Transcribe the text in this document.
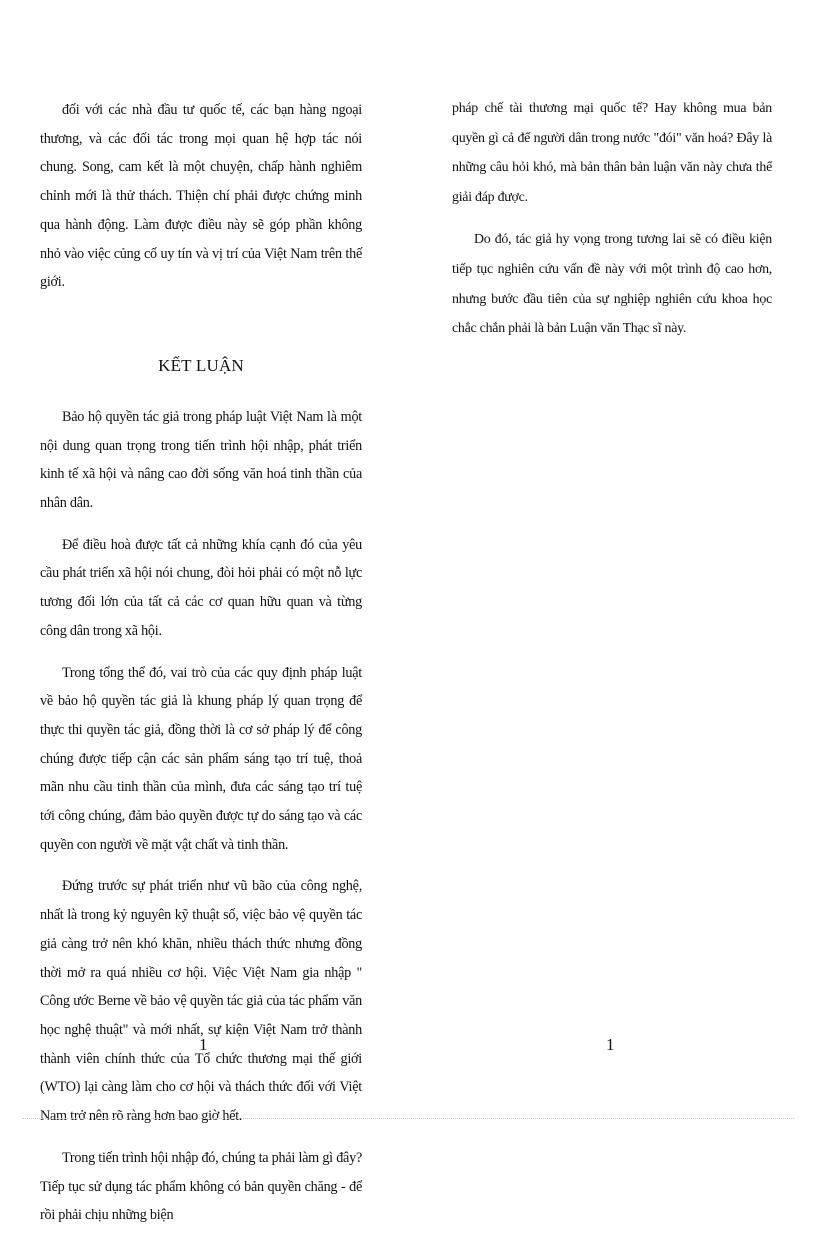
đối với các nhà đầu tư quốc tế, các bạn hàng ngoại thương, và các đối tác trong mọi quan hệ hợp tác nói chung. Song, cam kết là một chuyện, chấp hành nghiêm chỉnh mới là thử thách. Thiện chí phải được chứng minh qua hành động. Làm được điều này sẽ góp phần không nhỏ vào việc củng cố uy tín và vị trí của Việt Nam trên thế giới.

KẾT LUẬN

Bảo hộ quyền tác giả trong pháp luật Việt Nam là một nội dung quan trọng trong tiến trình hội nhập, phát triển kinh tế xã hội và nâng cao đời sống văn hoá tinh thần của nhân dân.

Để điều hoà được tất cả những khía cạnh đó của yêu cầu phát triển xã hội nói chung, đòi hỏi phải có một nỗ lực tương đối lớn của tất cả các cơ quan hữu quan và từng công dân trong xã hội.

Trong tổng thể đó, vai trò của các quy định pháp luật về bảo hộ quyền tác giả là khung pháp lý quan trọng để thực thi quyền tác giả, đồng thời là cơ sở pháp lý để công chúng được tiếp cận các sản phẩm sáng tạo trí tuệ, thoả mãn nhu cầu tinh thần của mình, đưa các sáng tạo trí tuệ tới công chúng, đảm bảo quyền được tự do sáng tạo và các quyền con người về mặt vật chất và tinh thần.

Đứng trước sự phát triển như vũ bão của công nghệ, nhất là trong kỷ nguyên kỹ thuật số, việc bảo vệ quyền tác giả càng trở nên khó khăn, nhiều thách thức nhưng đồng thời mở ra quá nhiều cơ hội. Việc Việt Nam gia nhập " Công ước Berne về bảo vệ quyền tác giả của tác phẩm văn học nghệ thuật" và mới nhất, sự kiện Việt Nam trở thành thành viên chính thức của Tổ chức thương mại thế giới (WTO) lại càng làm cho cơ hội và thách thức đối với Việt Nam trở nên rõ ràng hơn bao giờ hết.

Trong tiến trình hội nhập đó, chúng ta phải làm gì đây? Tiếp tục sử dụng tác phẩm không có bản quyền chăng - để rồi phải chịu những biện

1

pháp chế tài thương mại quốc tế? Hay không mua bản quyền gì cả để người dân trong nước "đói" văn hoá? Đây là những câu hỏi khó, mà bản thân bản luận văn này chưa thể giải đáp được.

Do đó, tác giả hy vọng trong tương lai sẽ có điều kiện tiếp tục nghiên cứu vấn đề này với một trình độ cao hơn, nhưng bước đầu tiên của sự nghiệp nghiên cứu khoa học chắc chắn phải là bản Luận văn Thạc sĩ này.

1
